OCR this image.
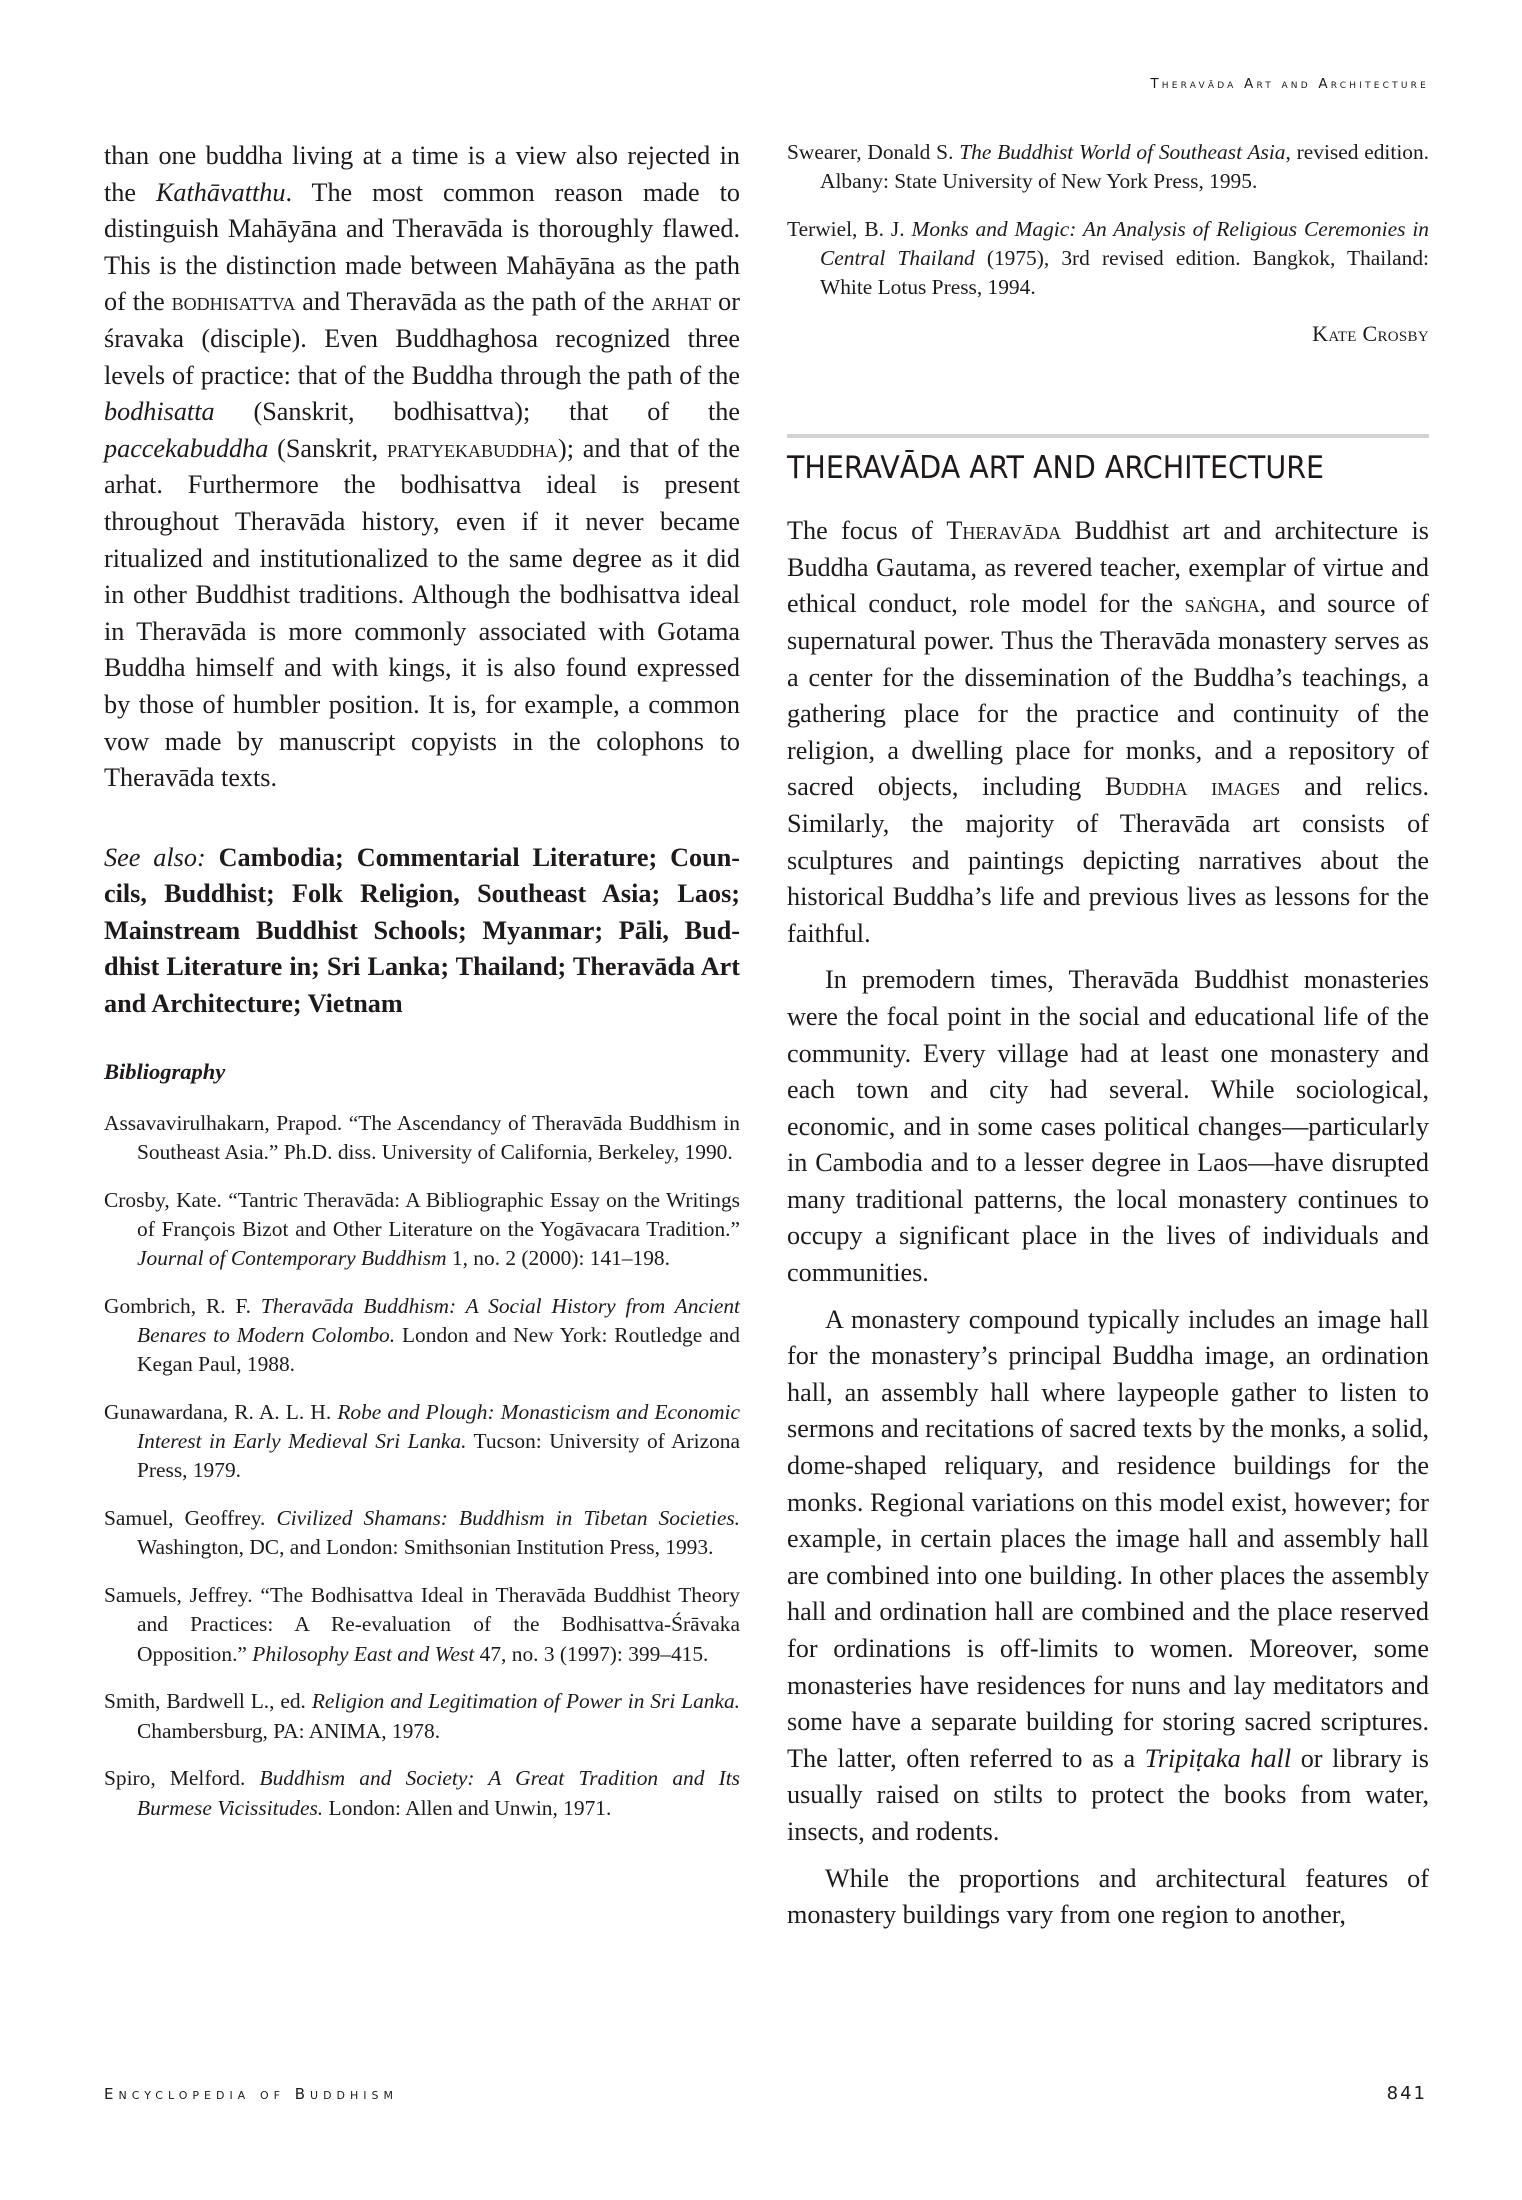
Theravāda Art and Architecture

than one buddha living at a time is a view also rejected in the Kathāvatthu. The most common reason made to distinguish Mahāyāna and Theravāda is thoroughly flawed. This is the distinction made between Mahāyāna as the path of the bodhisattva and Theravāda as the path of the arhat or śravaka (disciple). Even Buddhaghosa recognized three levels of practice: that of the Buddha through the path of the bodhisatta (Sanskrit, bodhisattva); that of the paccekabuddha (Sanskrit, pratyekabuddha); and that of the arhat. Furthermore the bodhisattva ideal is present throughout Theravāda history, even if it never became ritualized and institutionalized to the same degree as it did in other Buddhist traditions. Although the bodhisattva ideal in Theravāda is more commonly associated with Gotama Buddha himself and with kings, it is also found expressed by those of humbler position. It is, for example, a common vow made by manuscript copyists in the colophons to Theravāda texts.

See also: Cambodia; Commentarial Literature; Councils, Buddhist; Folk Religion, Southeast Asia; Laos; Mainstream Buddhist Schools; Myanmar; Pāli, Buddhist Literature in; Sri Lanka; Thailand; Theravāda Art and Architecture; Vietnam

Bibliography
Assavavirulhakarn, Prapod. “The Ascendancy of Theravāda Buddhism in Southeast Asia.” Ph.D. diss. University of California, Berkeley, 1990.
Crosby, Kate. “Tantric Theravāda: A Bibliographic Essay on the Writings of François Bizot and Other Literature on the Yogāvacara Tradition.” Journal of Contemporary Buddhism 1, no. 2 (2000): 141–198.
Gombrich, R. F. Theravāda Buddhism: A Social History from Ancient Benares to Modern Colombo. London and New York: Routledge and Kegan Paul, 1988.
Gunawardana, R. A. L. H. Robe and Plough: Monasticism and Economic Interest in Early Medieval Sri Lanka. Tucson: University of Arizona Press, 1979.
Samuel, Geoffrey. Civilized Shamans: Buddhism in Tibetan Societies. Washington, DC, and London: Smithsonian Institution Press, 1993.
Samuels, Jeffrey. “The Bodhisattva Ideal in Theravāda Buddhist Theory and Practices: A Re-evaluation of the Bodhisattva-Śrāvaka Opposition.” Philosophy East and West 47, no. 3 (1997): 399–415.
Smith, Bardwell L., ed. Religion and Legitimation of Power in Sri Lanka. Chambersburg, PA: ANIMA, 1978.
Spiro, Melford. Buddhism and Society: A Great Tradition and Its Burmese Vicissitudes. London: Allen and Unwin, 1971.
Swearer, Donald S. The Buddhist World of Southeast Asia, revised edition. Albany: State University of New York Press, 1995.
Terwiel, B. J. Monks and Magic: An Analysis of Religious Ceremonies in Central Thailand (1975), 3rd revised edition. Bangkok, Thailand: White Lotus Press, 1994.
Kate Crosby
THERAVĀDA ART AND ARCHITECTURE

The focus of Theravāda Buddhist art and architecture is Buddha Gautama, as revered teacher, exemplar of virtue and ethical conduct, role model for the saṅgha, and source of supernatural power. Thus the Theravāda monastery serves as a center for the dissemination of the Buddha’s teachings, a gathering place for the practice and continuity of the religion, a dwelling place for monks, and a repository of sacred objects, including Buddha images and relics. Similarly, the majority of Theravāda art consists of sculptures and paintings depicting narratives about the historical Buddha’s life and previous lives as lessons for the faithful.

In premodern times, Theravāda Buddhist monasteries were the focal point in the social and educational life of the community. Every village had at least one monastery and each town and city had several. While sociological, economic, and in some cases political changes—particularly in Cambodia and to a lesser degree in Laos—have disrupted many traditional patterns, the local monastery continues to occupy a significant place in the lives of individuals and communities.

A monastery compound typically includes an image hall for the monastery’s principal Buddha image, an ordination hall, an assembly hall where laypeople gather to listen to sermons and recitations of sacred texts by the monks, a solid, dome-shaped reliquary, and residence buildings for the monks. Regional variations on this model exist, however; for example, in certain places the image hall and assembly hall are combined into one building. In other places the assembly hall and ordination hall are combined and the place reserved for ordinations is off-limits to women. Moreover, some monasteries have residences for nuns and lay meditators and some have a separate building for storing sacred scriptures. The latter, often referred to as a Tripiṭaka hall or library is usually raised on stilts to protect the books from water, insects, and rodents.

While the proportions and architectural features of monastery buildings vary from one region to another,

Encyclopedia of Buddhism	841
